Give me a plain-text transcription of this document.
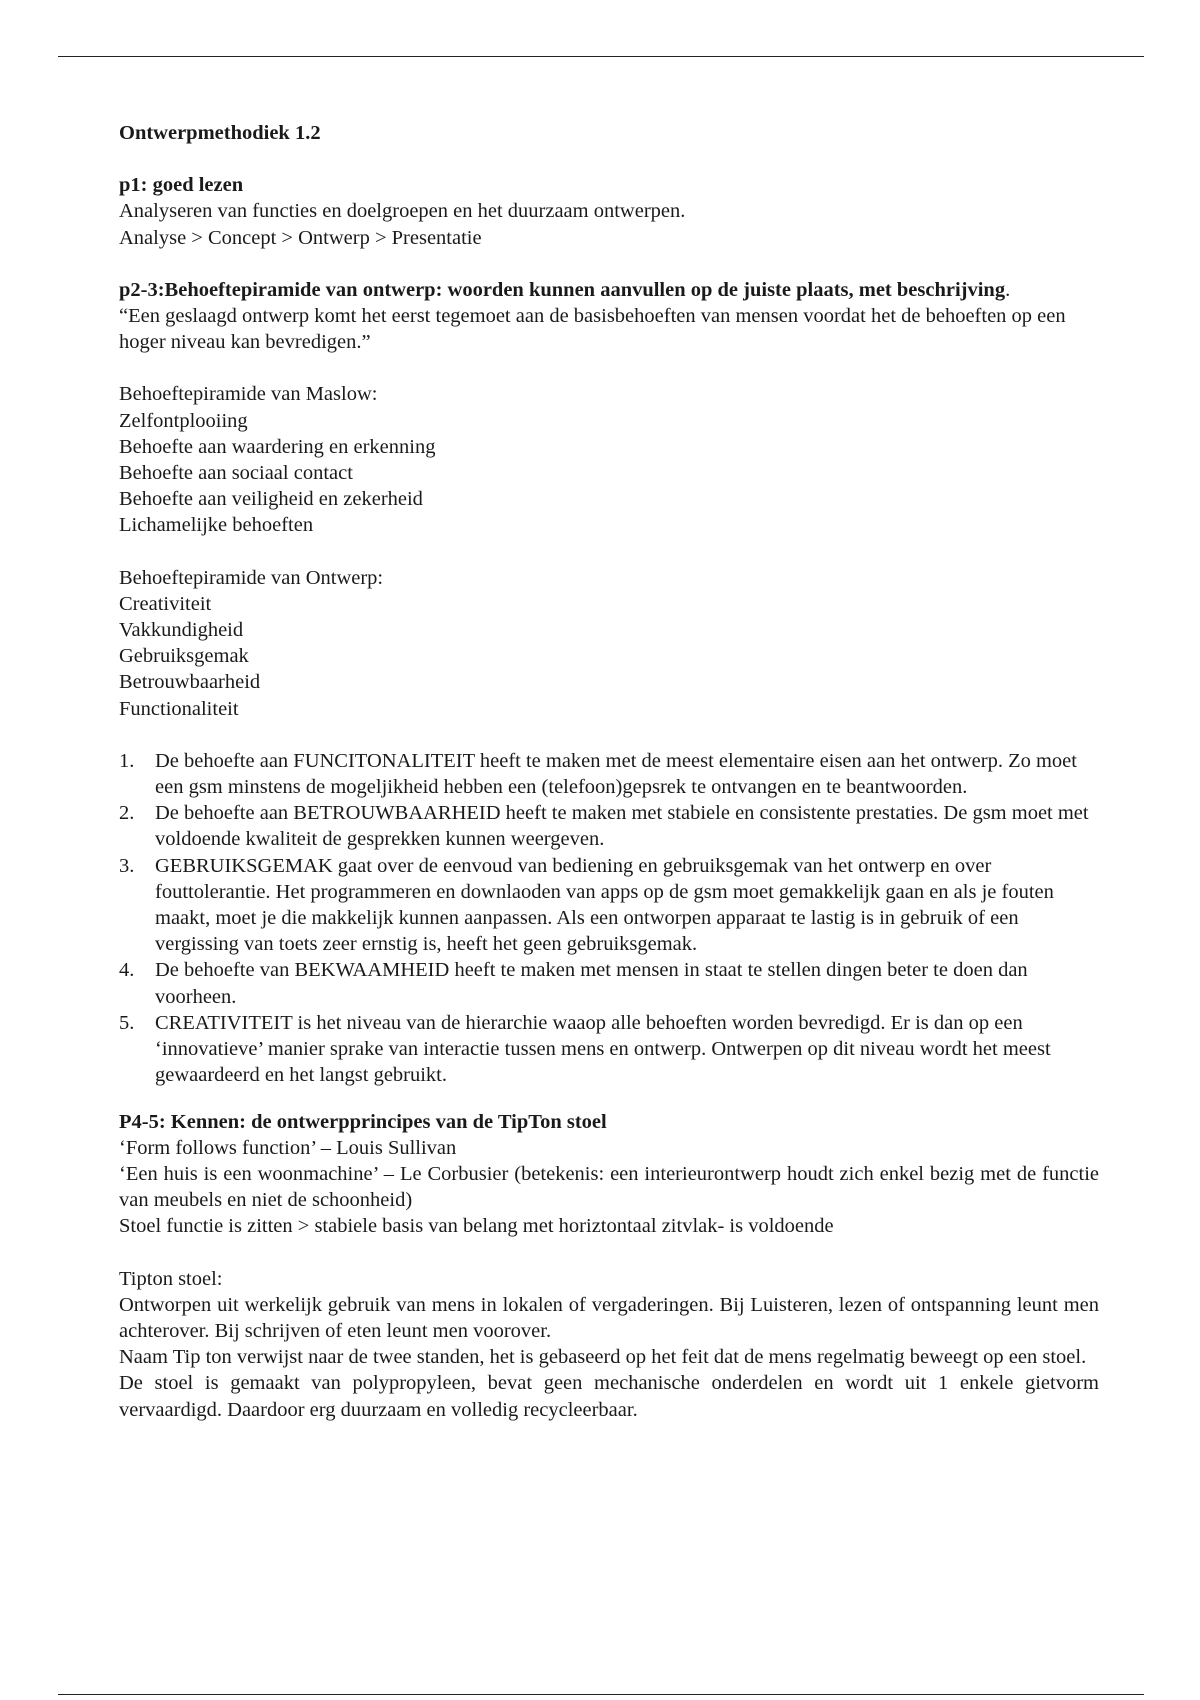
Ontwerpmethodiek 1.2

p1: goed lezen

Analyseren van functies en doelgroepen en het duurzaam ontwerpen.

Analyse > Concept > Ontwerp > Presentatie

p2-3:Behoeftepiramide van ontwerp: woorden kunnen aanvullen op de juiste plaats, met beschrijving.

“Een geslaagd ontwerp komt het eerst tegemoet aan de basisbehoeften van mensen voordat het de behoeften op een hoger niveau kan bevredigen.”

Behoeftepiramide van Maslow:

Zelfontplooiing

Behoefte aan waardering en erkenning

Behoefte aan sociaal contact

Behoefte aan veiligheid en zekerheid

Lichamelijke behoeften

Behoeftepiramide van Ontwerp:

Creativiteit

Vakkundigheid

Gebruiksgemak

Betrouwbaarheid

Functionaliteit

De behoefte aan FUNCITONALITEIT heeft te maken met de meest elementaire eisen aan het ontwerp. Zo moet een gsm minstens de mogeljikheid hebben een (telefoon)gepsrek te ontvangen en te beantwoorden.
De behoefte aan BETROUWBAARHEID heeft te maken met stabiele en consistente prestaties. De gsm moet met voldoende kwaliteit de gesprekken kunnen weergeven.
GEBRUIKSGEMAK gaat over de eenvoud van bediening en gebruiksgemak van het ontwerp en over fouttolerantie. Het programmeren en downlaoden van apps op de gsm moet gemakkelijk gaan en als je fouten maakt, moet je die makkelijk kunnen aanpassen. Als een ontworpen apparaat te lastig is in gebruik of een vergissing van toets zeer ernstig is, heeft het geen gebruiksgemak.
De behoefte van BEKWAAMHEID heeft te maken met mensen in staat te stellen dingen beter te doen dan voorheen.
CREATIVITEIT is het niveau van de hierarchie waaop alle behoeften worden bevredigd. Er is dan op een ‘innovatieve’ manier sprake van interactie tussen mens en ontwerp. Ontwerpen op dit niveau wordt het meest gewaardeerd en het langst gebruikt.

P4-5: Kennen: de ontwerpprincipes van de TipTon stoel

‘Form follows function’ – Louis Sullivan

‘Een huis is een woonmachine’ – Le Corbusier (betekenis: een interieurontwerp houdt zich enkel bezig met de functie van meubels en niet de schoonheid)

Stoel functie is zitten > stabiele basis van belang met horiztontaal zitvlak- is voldoende

Tipton stoel:

Ontworpen uit werkelijk gebruik van mens in lokalen of vergaderingen. Bij Luisteren, lezen of ontspanning leunt men achterover. Bij schrijven of eten leunt men voorover.

Naam Tip ton verwijst naar de twee standen, het is gebaseerd op het feit dat de mens regelmatig beweegt op een stoel.

De stoel is gemaakt van polypropyleen, bevat geen mechanische onderdelen en wordt uit 1 enkele gietvorm vervaardigd. Daardoor erg duurzaam en volledig recycleerbaar.
